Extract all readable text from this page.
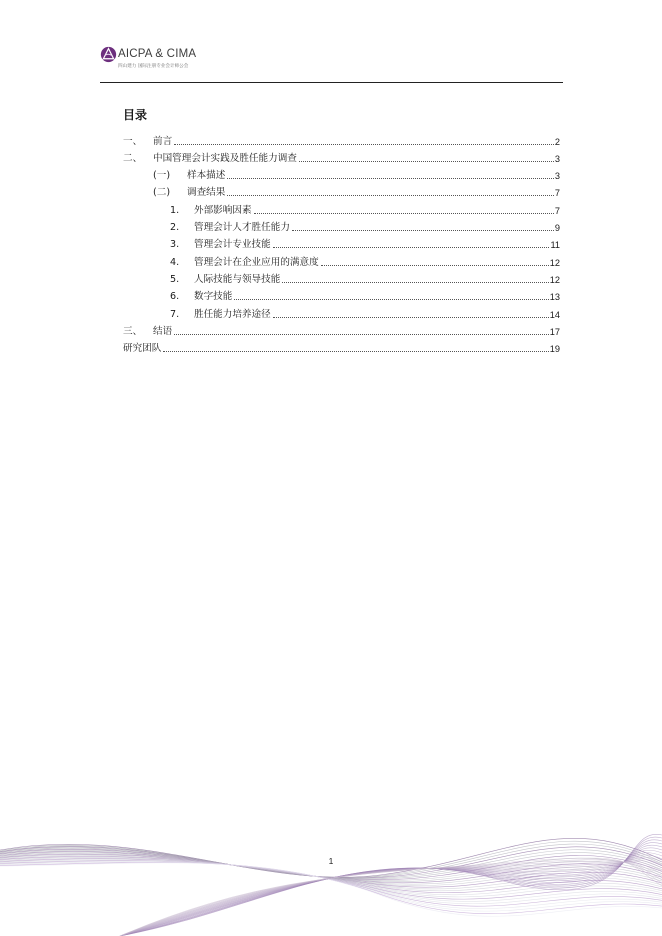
AICPA & CIMA
四山建力 国际注册专业会计师公会
目录
一、	前言	2
二、	中国管理会计实践及胜任能力调查	3
(一)	样本描述	3
(二)	调查结果	7
1.	外部影响因素	7
2.	管理会计人才胜任能力	9
3.	管理会计专业技能	11
4.	管理会计在企业应用的满意度	12
5.	人际技能与领导技能	12
6.	数字技能	13
7.	胜任能力培养途径	14
三、	结语	17
研究团队	19
1
